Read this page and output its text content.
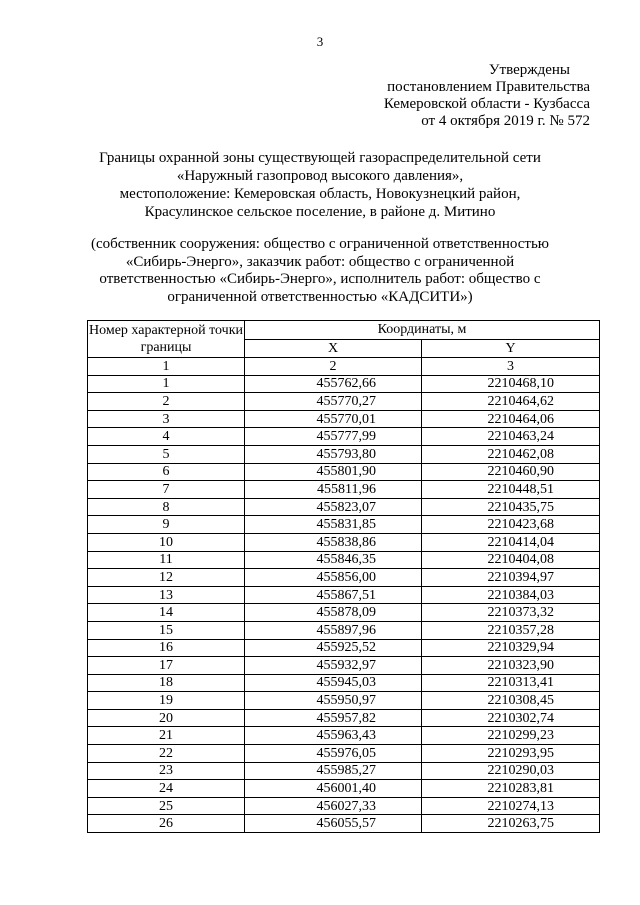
3
Утверждены
постановлением Правительства
Кемеровской области - Кузбасса
от 4 октября 2019 г. № 572
Границы охранной зоны существующей газораспределительной сети
«Наружный газопровод высокого давления»,
местоположение: Кемеровская область, Новокузнецкий район,
Красулинское сельское поселение, в районе д. Митино
(собственник сооружения: общество с ограниченной ответственностью
«Сибирь-Энерго», заказчик работ: общество с ограниченной
ответственностью «Сибирь-Энерго», исполнитель работ: общество с
ограниченной ответственностью «КАДСИТИ»)
Номер характерной точки границы	Координаты, м	
	X	Y
1	2	3
1	455762,66	2210468,10
2	455770,27	2210464,62
3	455770,01	2210464,06
4	455777,99	2210463,24
5	455793,80	2210462,08
6	455801,90	2210460,90
7	455811,96	2210448,51
8	455823,07	2210435,75
9	455831,85	2210423,68
10	455838,86	2210414,04
11	455846,35	2210404,08
12	455856,00	2210394,97
13	455867,51	2210384,03
14	455878,09	2210373,32
15	455897,96	2210357,28
16	455925,52	2210329,94
17	455932,97	2210323,90
18	455945,03	2210313,41
19	455950,97	2210308,45
20	455957,82	2210302,74
21	455963,43	2210299,23
22	455976,05	2210293,95
23	455985,27	2210290,03
24	456001,40	2210283,81
25	456027,33	2210274,13
26	456055,57	2210263,75
